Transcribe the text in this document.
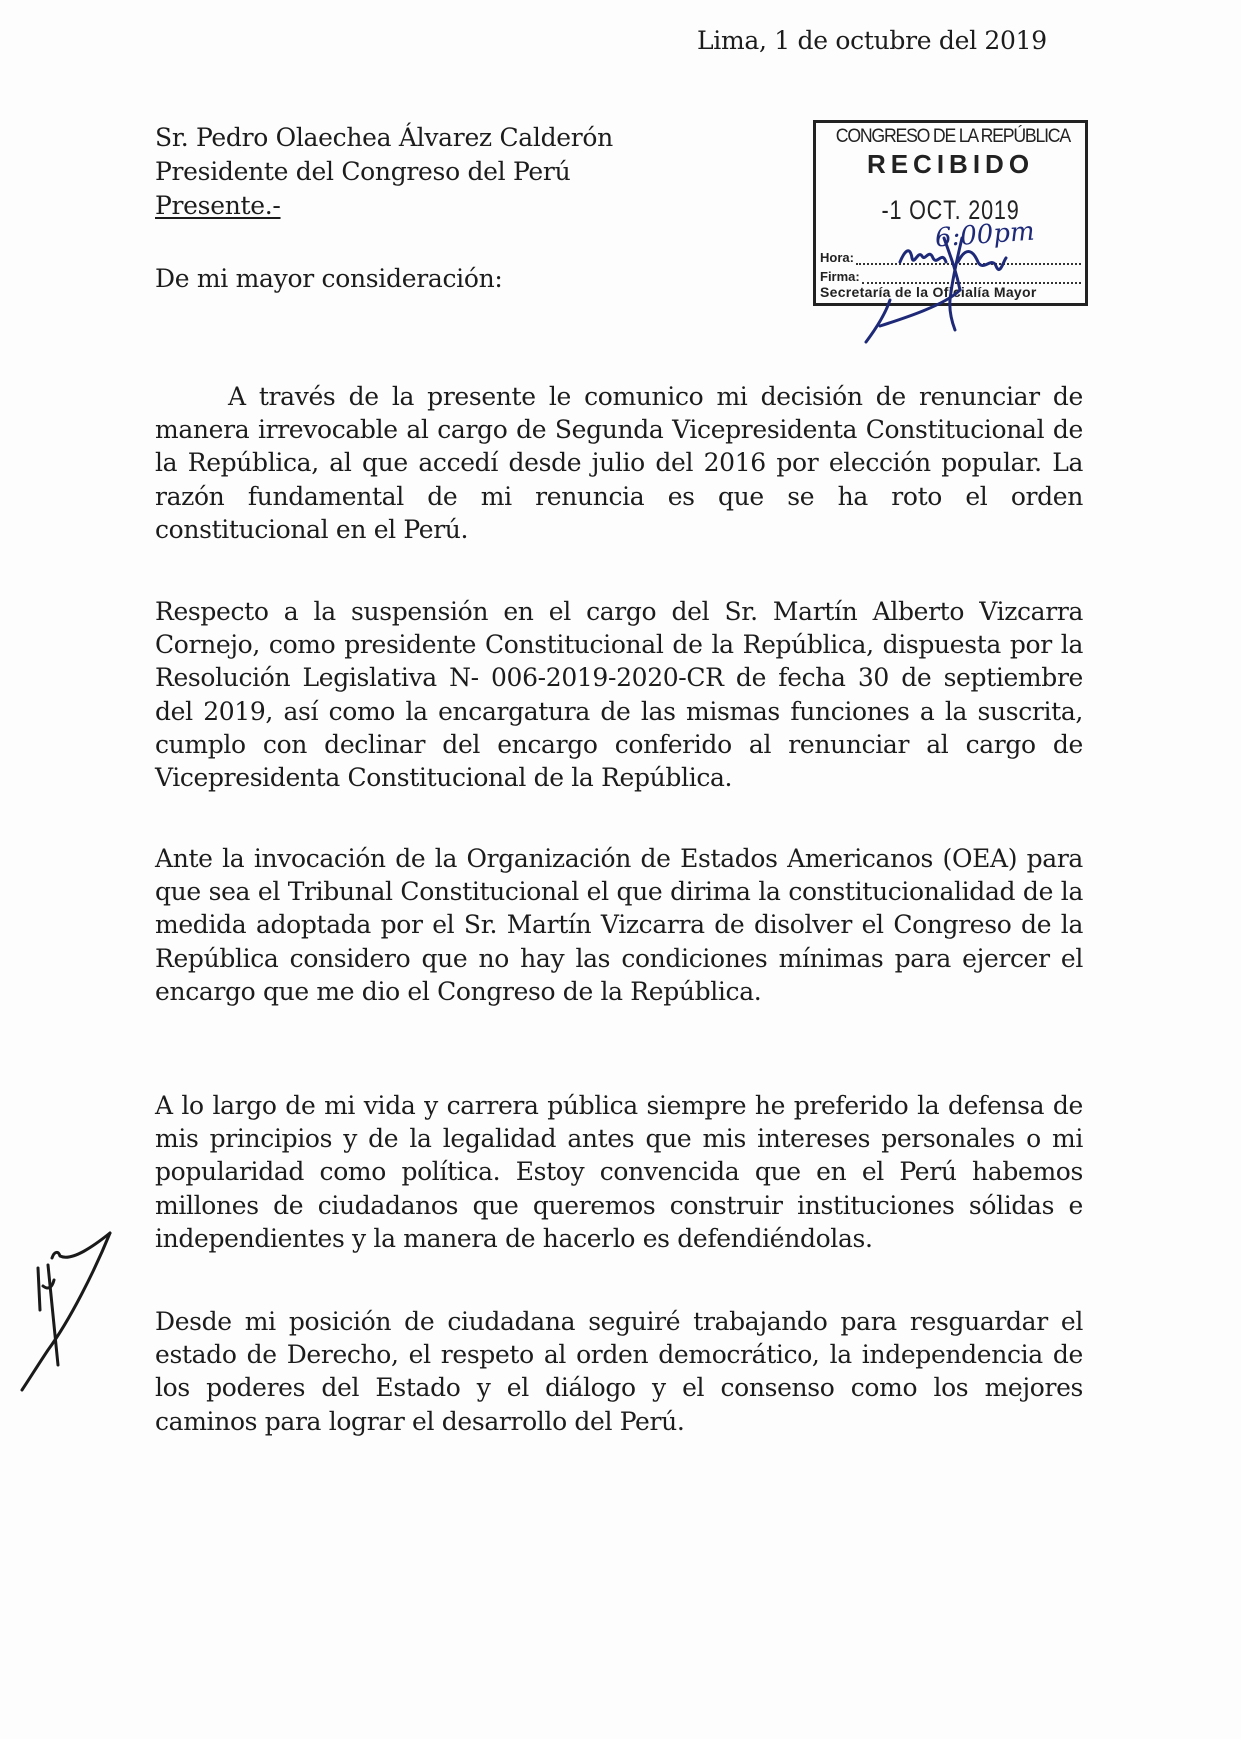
Lima, 1 de octubre del 2019
Sr. Pedro Olaechea Álvarez Calderón
Presidente del Congreso del Perú
Presente.-
De mi mayor consideración:

A través de la presente le comunico mi decisión de renunciar de manera irrevocable al cargo de Segunda Vicepresidenta Constitucional de la República, al que accedí desde julio del 2016 por elección popular. La razón fundamental de mi renuncia es que se ha roto el orden constitucional en el Perú.

Respecto a la suspensión en el cargo del Sr. Martín Alberto Vizcarra Cornejo, como presidente Constitucional de la República, dispuesta por la Resolución Legislativa N- 006-2019-2020-CR de fecha 30 de septiembre del 2019, así como la encargatura de las mismas funciones a la suscrita, cumplo con declinar del encargo conferido al renunciar al cargo de Vicepresidenta Constitucional de la República.

Ante la invocación de la Organización de Estados Americanos (OEA) para que sea el Tribunal Constitucional el que dirima la constitucionalidad de la medida adoptada por el Sr. Martín Vizcarra de disolver el Congreso de la República considero que no hay las condiciones mínimas para ejercer el encargo que me dio el Congreso de la República.

A lo largo de mi vida y carrera pública siempre he preferido la defensa de mis principios y de la legalidad antes que mis intereses personales o mi popularidad como política. Estoy convencida que en el Perú habemos millones de ciudadanos que queremos construir instituciones sólidas e independientes y la manera de hacerlo es defendiéndolas.

Desde mi posición de ciudadana seguiré trabajando para resguardar el estado de Derecho, el respeto al orden democrático, la independencia de los poderes del Estado y el diálogo y el consenso como los mejores caminos para lograr el desarrollo del Perú.

CONGRESO DE LA REPÚBLICA
RECIBIDO
‑1 OCT. 2019
Hora:
Firma:
Secretaría de la Oficialía Mayor
6:00pm
